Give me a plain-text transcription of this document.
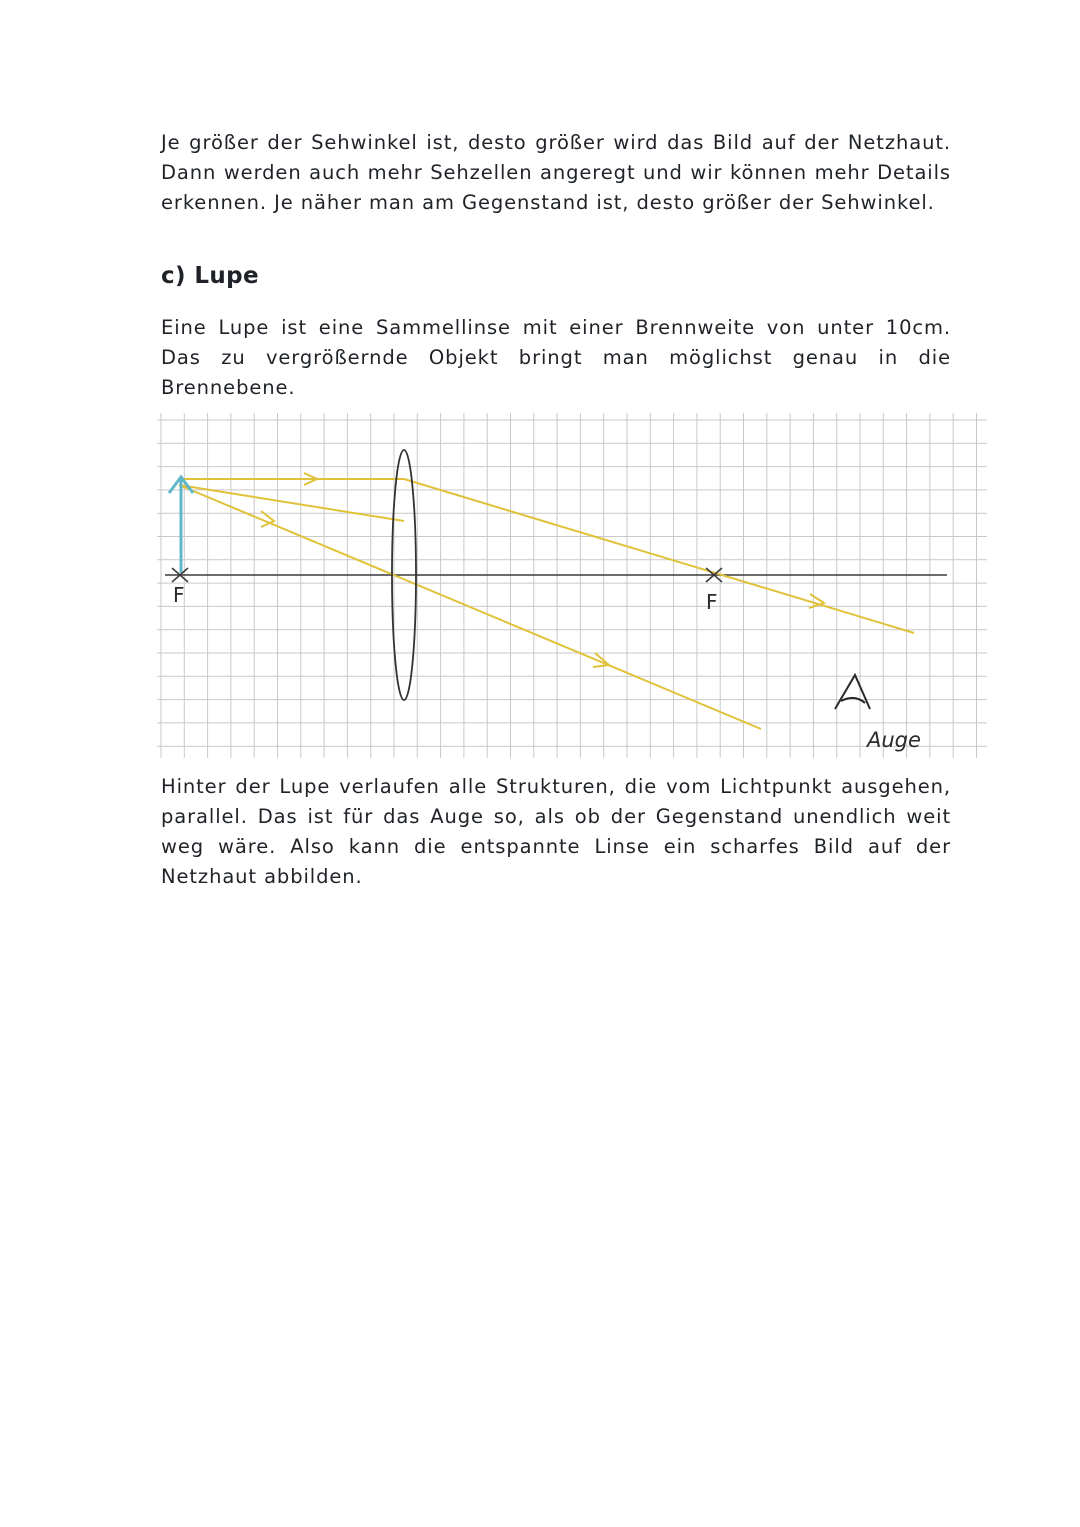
Je größer der Sehwinkel ist, desto größer wird das Bild auf der Netzhaut. Dann werden auch mehr Sehzellen angeregt und wir können mehr Details erkennen. Je näher man am Gegenstand ist, desto größer der Sehwinkel.

c) Lupe

Eine Lupe ist eine Sammellinse mit einer Brennweite von unter 10cm. Das zu vergrößernde Objekt bringt man möglichst genau in die Brennebene.

F	F
Auge

Hinter der Lupe verlaufen alle Strukturen, die vom Lichtpunkt ausgehen, parallel. Das ist für das Auge so, als ob der Gegenstand unendlich weit weg wäre. Also kann die entspannte Linse ein scharfes Bild auf der Netzhaut abbilden.
